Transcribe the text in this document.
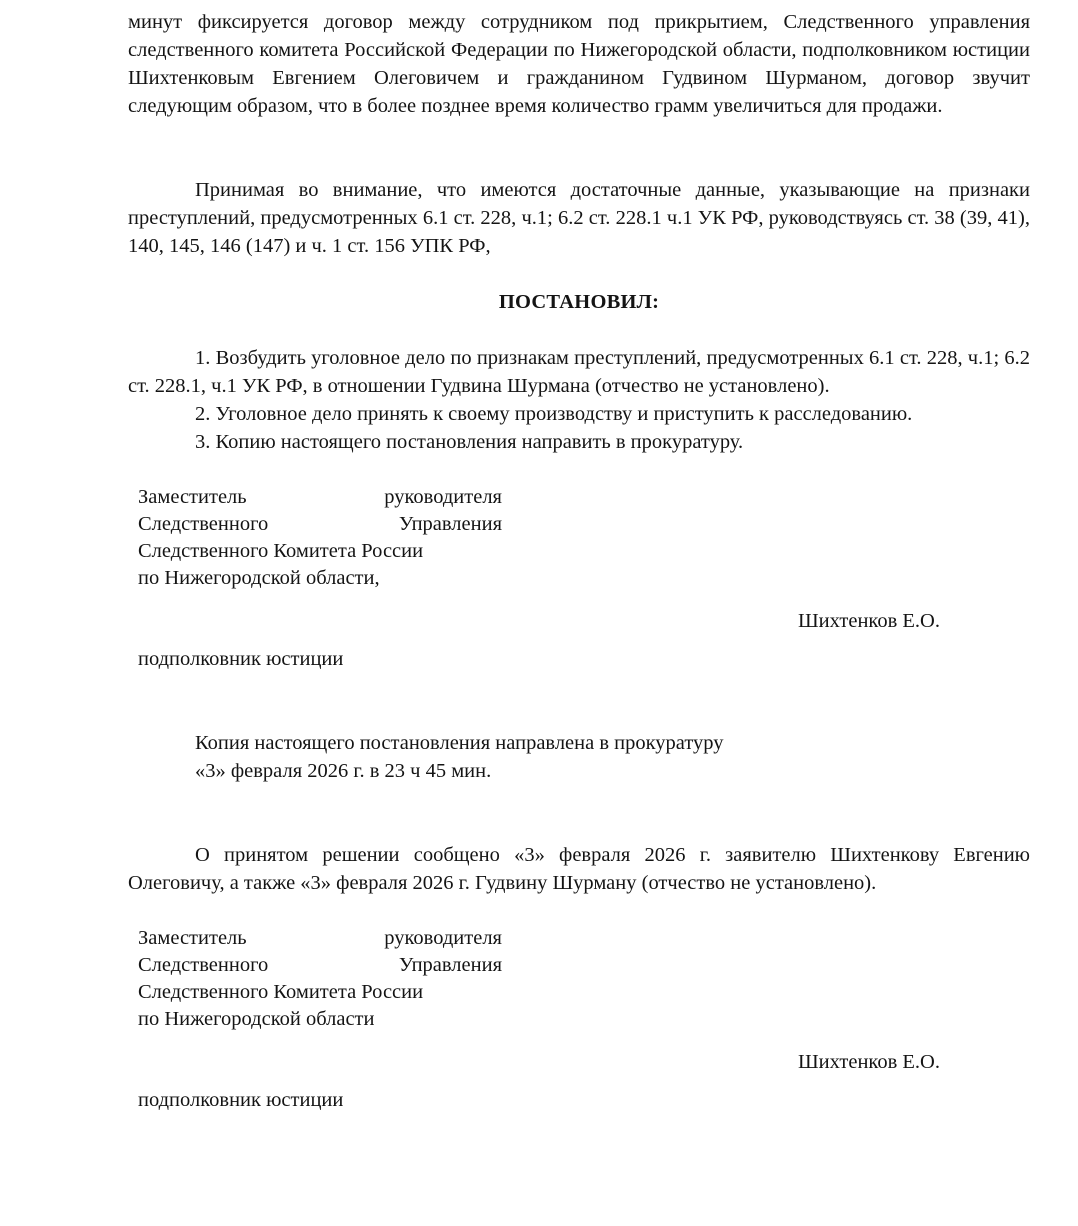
минут фиксируется договор между сотрудником под прикрытием, Следственного управления следственного комитета Российской Федерации по Нижегородской области, подполковником юстиции Шихтенковым Евгением Олеговичем и гражданином Гудвином Шурманом, договор звучит следующим образом, что в более позднее время количество грамм увеличиться для продажи.

Принимая во внимание, что имеются достаточные данные, указывающие на признаки преступлений, предусмотренных 6.1 ст. 228, ч.1; 6.2 ст. 228.1 ч.1 УК РФ, руководствуясь ст. 38 (39, 41), 140, 145, 146 (147) и ч. 1 ст. 156 УПК РФ,

ПОСТАНОВИЛ:

1. Возбудить уголовное дело по признакам преступлений, предусмотренных 6.1 ст. 228, ч.1; 6.2 ст. 228.1, ч.1 УК РФ, в отношении Гудвина Шурмана (отчество не установлено).

2. Уголовное дело принять к своему производству и приступить к расследованию.

3. Копию настоящего постановления направить в прокуратуру.

Заместитель руководителя

Следственного Управления

Следственного Комитета России

по Нижегородской области,

Шихтенков Е.О.

подполковник юстиции

Копия настоящего постановления направлена в прокуратуру

«3» февраля 2026 г. в 23 ч 45 мин.

О принятом решении сообщено «3» февраля 2026 г. заявителю Шихтенкову Евгению Олеговичу, а также «3» февраля 2026 г. Гудвину Шурману (отчество не установлено).

Заместитель руководителя

Следственного Управления

Следственного Комитета России

по Нижегородской области

Шихтенков Е.О.

подполковник юстиции
